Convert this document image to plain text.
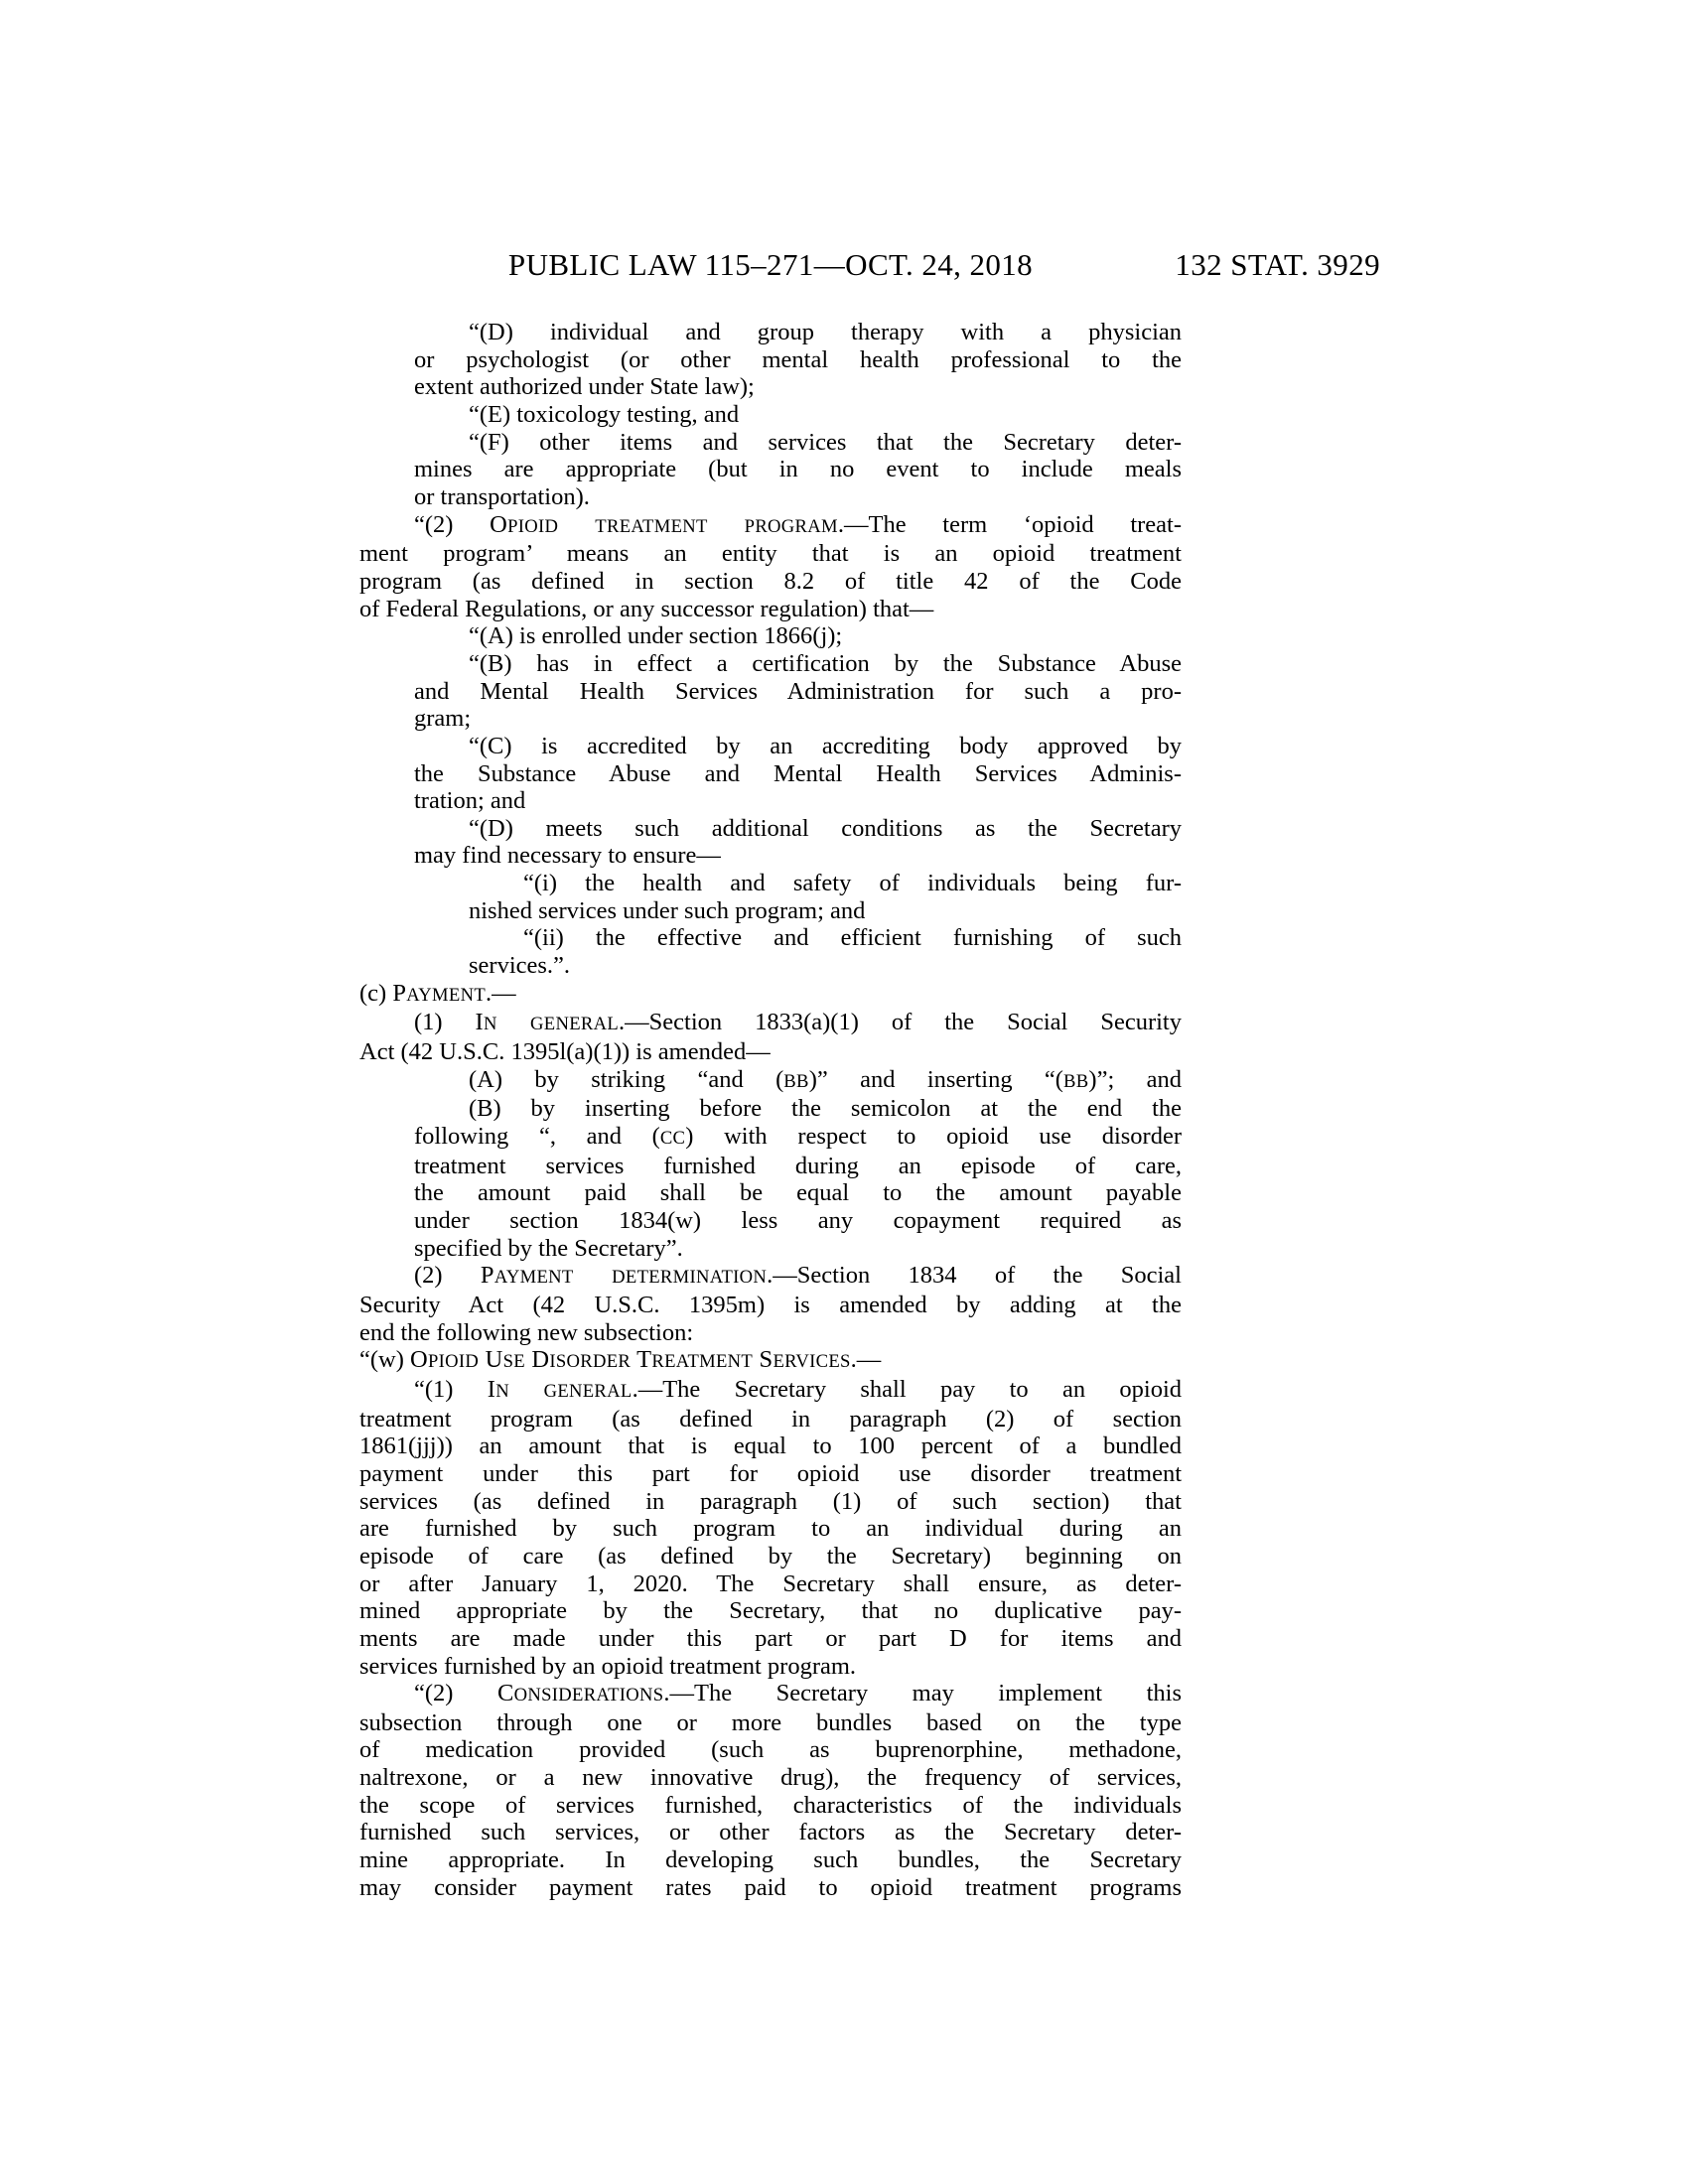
PUBLIC LAW 115–271—OCT. 24, 2018	132 STAT. 3929
“(D) individual and group therapy with a physician
or psychologist (or other mental health professional to the
extent authorized under State law);
“(E) toxicology testing, and
“(F) other items and services that the Secretary deter-
mines are appropriate (but in no event to include meals
or transportation).
“(2) OPIOID TREATMENT PROGRAM.—The term ‘opioid treat-
ment program’ means an entity that is an opioid treatment
program (as defined in section 8.2 of title 42 of the Code
of Federal Regulations, or any successor regulation) that—
“(A) is enrolled under section 1866(j);
“(B) has in effect a certification by the Substance Abuse
and Mental Health Services Administration for such a pro-
gram;
“(C) is accredited by an accrediting body approved by
the Substance Abuse and Mental Health Services Adminis-
tration; and
“(D) meets such additional conditions as the Secretary
may find necessary to ensure—
“(i) the health and safety of individuals being fur-
nished services under such program; and
“(ii) the effective and efficient furnishing of such
services.”.
(c) PAYMENT.—
(1) IN GENERAL.—Section 1833(a)(1) of the Social Security
Act (42 U.S.C. 1395l(a)(1)) is amended—
(A) by striking “and (BB)” and inserting “(BB)”; and
(B) by inserting before the semicolon at the end the
following “, and (CC) with respect to opioid use disorder
treatment services furnished during an episode of care,
the amount paid shall be equal to the amount payable
under section 1834(w) less any copayment required as
specified by the Secretary”.
(2) PAYMENT DETERMINATION.—Section 1834 of the Social
Security Act (42 U.S.C. 1395m) is amended by adding at the
end the following new subsection:
“(w) OPIOID USE DISORDER TREATMENT SERVICES.—
“(1) IN GENERAL.—The Secretary shall pay to an opioid
treatment program (as defined in paragraph (2) of section
1861(jjj)) an amount that is equal to 100 percent of a bundled
payment under this part for opioid use disorder treatment
services (as defined in paragraph (1) of such section) that
are furnished by such program to an individual during an
episode of care (as defined by the Secretary) beginning on
or after January 1, 2020. The Secretary shall ensure, as deter-
mined appropriate by the Secretary, that no duplicative pay-
ments are made under this part or part D for items and
services furnished by an opioid treatment program.
“(2) CONSIDERATIONS.—The Secretary may implement this
subsection through one or more bundles based on the type
of medication provided (such as buprenorphine, methadone,
naltrexone, or a new innovative drug), the frequency of services,
the scope of services furnished, characteristics of the individuals
furnished such services, or other factors as the Secretary deter-
mine appropriate. In developing such bundles, the Secretary
may consider payment rates paid to opioid treatment programs
